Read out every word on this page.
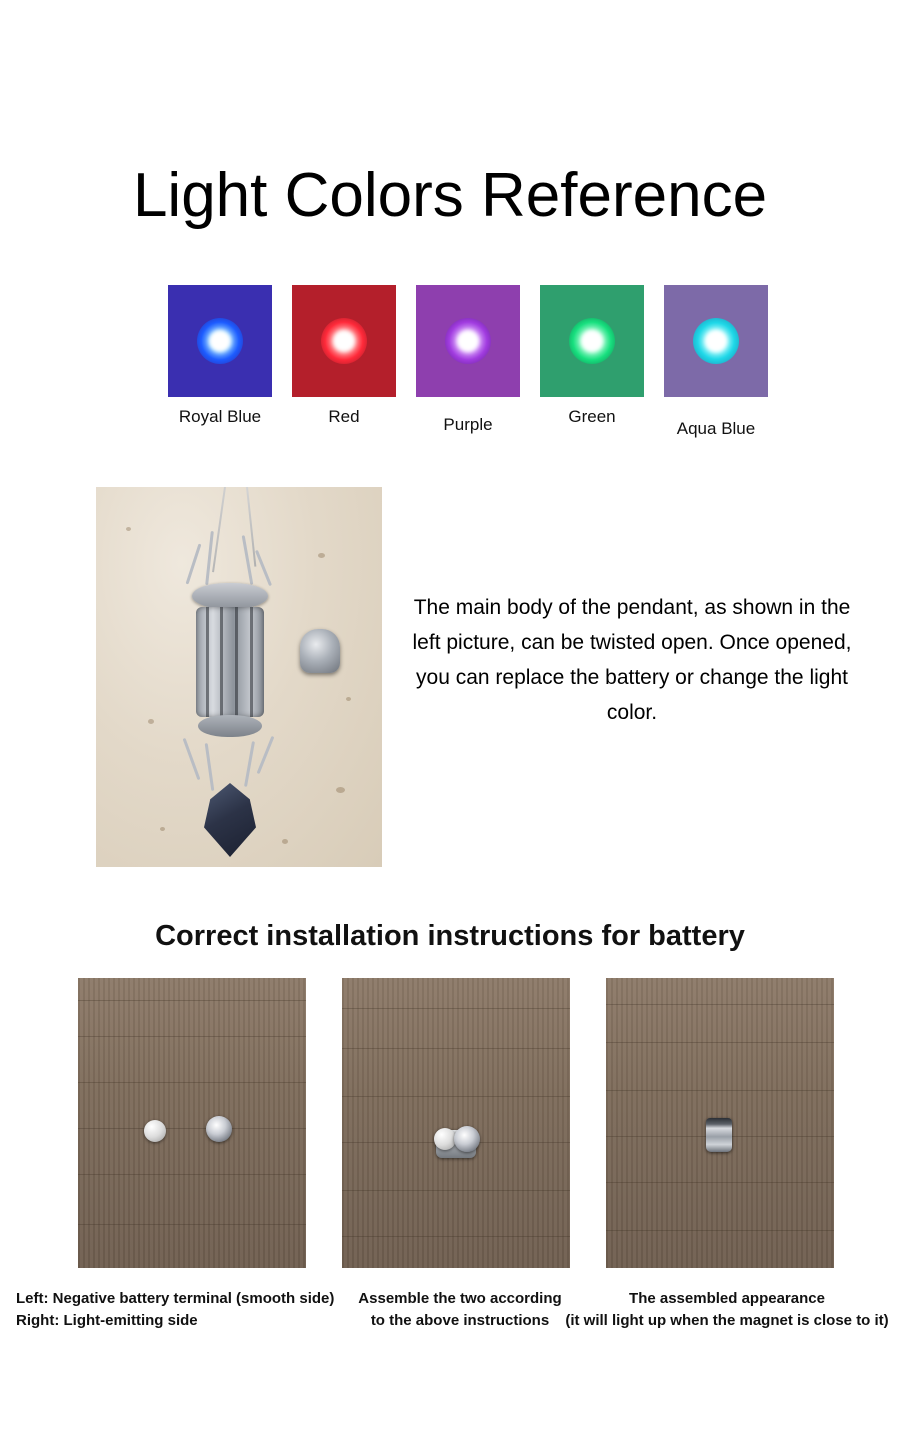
Light Colors Reference
Royal Blue	Red	Purple	Green
Aqua Blue
The main body of the pendant, as shown in the left picture, can be twisted open. Once opened, you can replace the battery or change the light color.
Correct installation instructions for battery
Left: Negative battery terminal (smooth side)
Right: Light-emitting side
Assemble the two according
to the above instructions
The assembled appearance
(it will light up when the magnet is close to it)
